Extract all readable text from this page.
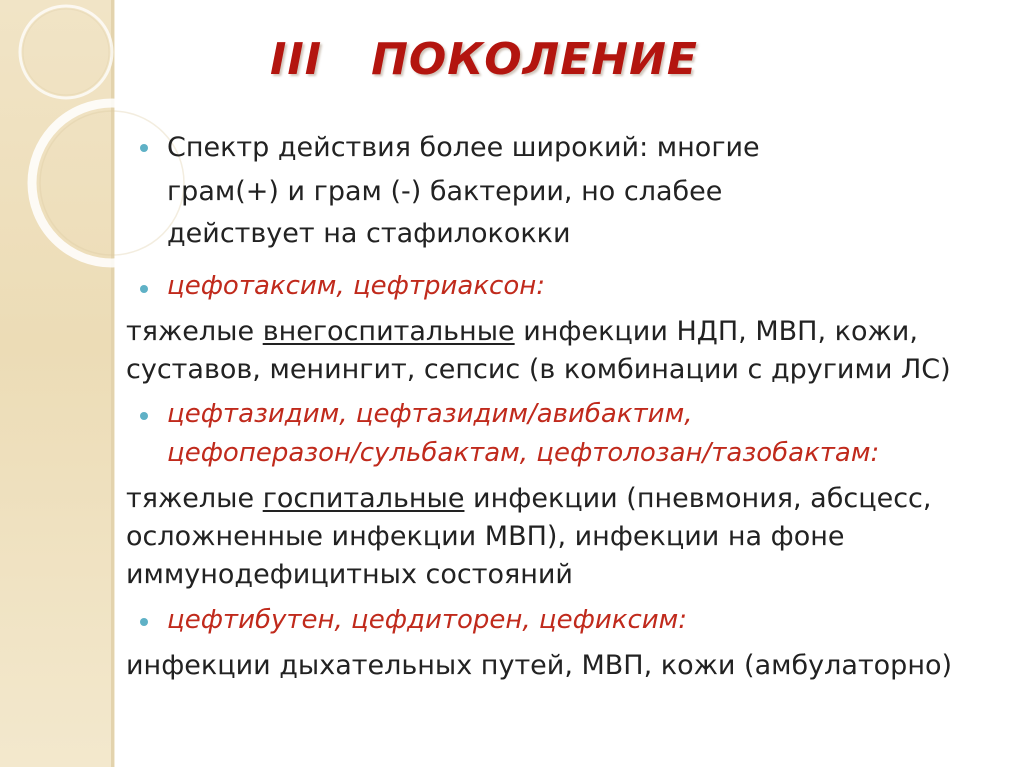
III   ПОКОЛЕНИЕ
Спектр действия более широкий: многие
грам(+) и грам (-) бактерии, но слабее
действует на стафилококки
цефотаксим, цефтриаксон:
тяжелые внегоспитальные инфекции НДП, МВП, кожи,
суставов, менингит, сепсис (в комбинации с другими ЛС)
цефтазидим, цефтазидим/авибактим,
цефоперазон/сульбактам, цефтолозан/тазобактам:
тяжелые госпитальные инфекции (пневмония, абсцесс,
осложненные инфекции МВП), инфекции на фоне
иммунодефицитных состояний
цефтибутен, цефдиторен, цефиксим:
инфекции дыхательных путей, МВП, кожи (амбулаторно)
